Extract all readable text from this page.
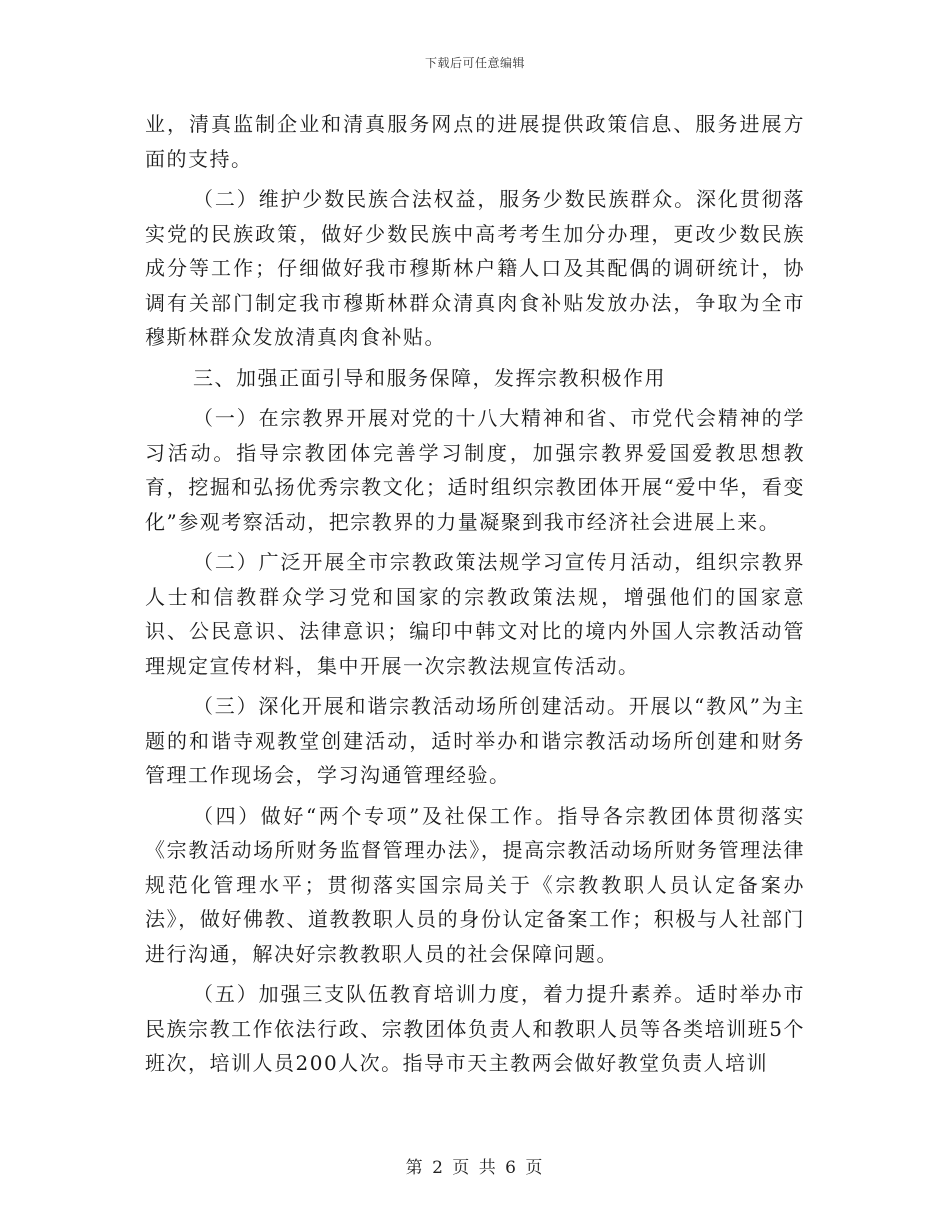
下载后可任意编辑

业，清真监制企业和清真服务网点的进展提供政策信息、服务进展方面的支持。

（二）维护少数民族合法权益，服务少数民族群众。深化贯彻落实党的民族政策，做好少数民族中高考考生加分办理，更改少数民族成分等工作；仔细做好我市穆斯林户籍人口及其配偶的调研统计，协调有关部门制定我市穆斯林群众清真肉食补贴发放办法，争取为全市穆斯林群众发放清真肉食补贴。

三、加强正面引导和服务保障，发挥宗教积极作用

（一）在宗教界开展对党的十八大精神和省、市党代会精神的学习活动。指导宗教团体完善学习制度，加强宗教界爱国爱教思想教育，挖掘和弘扬优秀宗教文化；适时组织宗教团体开展“爱中华，看变化”参观考察活动，把宗教界的力量凝聚到我市经济社会进展上来。

（二）广泛开展全市宗教政策法规学习宣传月活动，组织宗教界人士和信教群众学习党和国家的宗教政策法规，增强他们的国家意识、公民意识、法律意识；编印中韩文对比的境内外国人宗教活动管理规定宣传材料，集中开展一次宗教法规宣传活动。

（三）深化开展和谐宗教活动场所创建活动。开展以“教风”为主题的和谐寺观教堂创建活动，适时举办和谐宗教活动场所创建和财务管理工作现场会，学习沟通管理经验。

（四）做好“两个专项”及社保工作。指导各宗教团体贯彻落实《宗教活动场所财务监督管理办法》，提高宗教活动场所财务管理法律规范化管理水平；贯彻落实国宗局关于《宗教教职人员认定备案办法》，做好佛教、道教教职人员的身份认定备案工作；积极与人社部门进行沟通，解决好宗教教职人员的社会保障问题。

（五）加强三支队伍教育培训力度，着力提升素养。适时举办市民族宗教工作依法行政、宗教团体负责人和教职人员等各类培训班5个班次，培训人员200人次。指导市天主教两会做好教堂负责人培训

第 2 页 共 6 页
